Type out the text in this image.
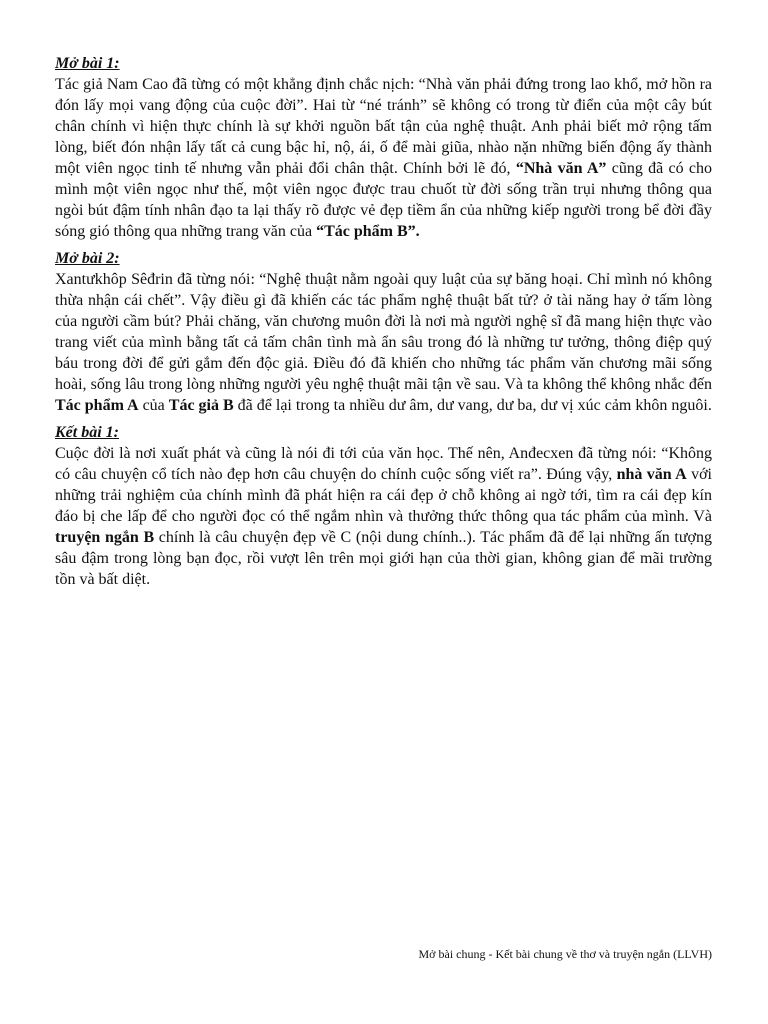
Mở bài 1:

Tác giả Nam Cao đã từng có một khẳng định chắc nịch: “Nhà văn phải đứng trong lao khổ, mở hồn ra đón lấy mọi vang động của cuộc đời”. Hai từ “né tránh” sẽ không có trong từ điển của một cây bút chân chính vì hiện thực chính là sự khởi nguồn bất tận của nghệ thuật. Anh phải biết mở rộng tấm lòng, biết đón nhận lấy tất cả cung bậc hỉ, nộ, ái, ố để mài giũa, nhào nặn những biến động ấy thành một viên ngọc tinh tế nhưng vẫn phải đổi chân thật. Chính bởi lẽ đó, “Nhà văn A” cũng đã có cho mình một viên ngọc như thế, một viên ngọc được trau chuốt từ đời sống trần trụi nhưng thông qua ngòi bút đậm tính nhân đạo ta lại thấy rõ được vẻ đẹp tiềm ẩn của những kiếp người trong bể đời đầy sóng gió thông qua những trang văn của “Tác phẩm B”.

Mở bài 2:

Xantưkhôp Sêđrin đã từng nói: “Nghệ thuật nằm ngoài quy luật của sự băng hoại. Chỉ mình nó không thừa nhận cái chết”. Vậy điều gì đã khiến các tác phẩm nghệ thuật bất tử? ở tài năng hay ở tấm lòng của người cầm bút? Phải chăng, văn chương muôn đời là nơi mà người nghệ sĩ đã mang hiện thực vào trang viết của mình bằng tất cả tấm chân tình mà ẩn sâu trong đó là những tư tưởng, thông điệp quý báu trong đời để gửi gắm đến độc giả. Điều đó đã khiến cho những tác phẩm văn chương mãi sống hoài, sống lâu trong lòng những người yêu nghệ thuật mãi tận về sau. Và ta không thể không nhắc đến Tác phẩm A của Tác giả B đã để lại trong ta nhiều dư âm, dư vang, dư ba, dư vị xúc cảm khôn nguôi.

Kết bài 1:

Cuộc đời là nơi xuất phát và cũng là nói đi tới của văn học. Thế nên, Anđecxen đã từng nói: “Không có câu chuyện cổ tích nào đẹp hơn câu chuyện do chính cuộc sống viết ra”. Đúng vậy, nhà văn A với những trải nghiệm của chính mình đã phát hiện ra cái đẹp ở chỗ không ai ngờ tới, tìm ra cái đẹp kín đáo bị che lấp để cho người đọc có thể ngắm nhìn và thưởng thức thông qua tác phẩm của mình. Và truyện ngắn B chính là câu chuyện đẹp về C (nội dung chính..). Tác phẩm đã để lại những ấn tượng sâu đậm trong lòng bạn đọc, rồi vượt lên trên mọi giới hạn của thời gian, không gian để mãi trường tồn và bất diệt.

Mở bài chung - Kết bài chung về thơ và truyện ngắn (LLVH)
